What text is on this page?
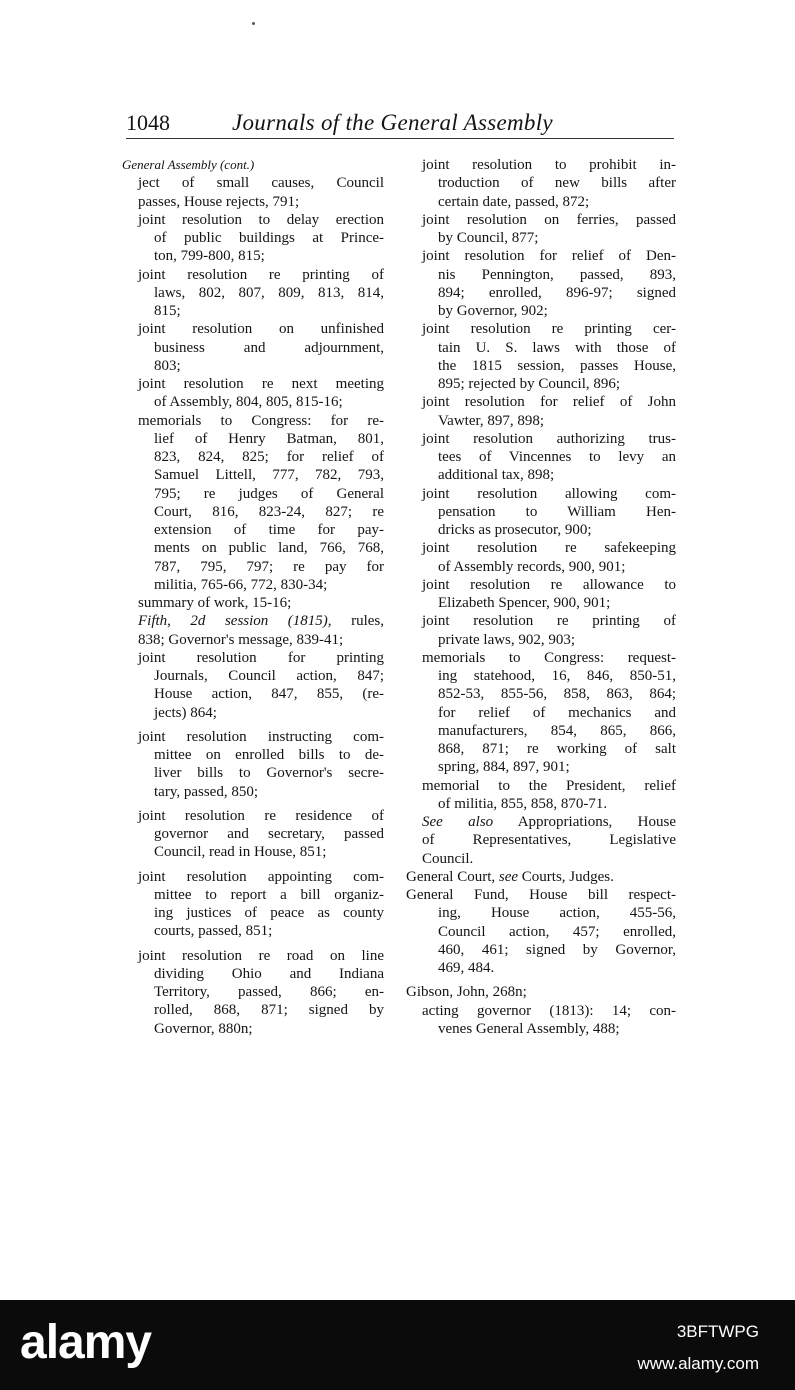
1048	Journals of the General Assembly
General Assembly (cont.)
ject of small causes, Council
passes, House rejects, 791;
joint resolution to delay erection
of public buildings at Prince-
ton, 799-800, 815;
joint resolution re printing of
laws, 802, 807, 809, 813, 814,
815;
joint resolution on unfinished
business and adjournment,
803;
joint resolution re next meeting
of Assembly, 804, 805, 815-16;
memorials to Congress: for re-
lief of Henry Batman, 801,
823, 824, 825; for relief of
Samuel Littell, 777, 782, 793,
795; re judges of General
Court, 816, 823-24, 827; re
extension of time for pay-
ments on public land, 766, 768,
787, 795, 797; re pay for
militia, 765-66, 772, 830-34;
summary of work, 15-16;
Fifth, 2d session (1815), rules,
838; Governor's message, 839-41;
joint resolution for printing
Journals, Council action, 847;
House action, 847, 855, (re-
jects) 864;
joint resolution instructing com-
mittee on enrolled bills to de-
liver bills to Governor's secre-
tary, passed, 850;
joint resolution re residence of
governor and secretary, passed
Council, read in House, 851;
joint resolution appointing com-
mittee to report a bill organiz-
ing justices of peace as county
courts, passed, 851;
joint resolution re road on line
dividing Ohio and Indiana
Territory, passed, 866; en-
rolled, 868, 871; signed by
Governor, 880n;
joint resolution to prohibit in-
troduction of new bills after
certain date, passed, 872;
joint resolution on ferries, passed
by Council, 877;
joint resolution for relief of Den-
nis Pennington, passed, 893,
894; enrolled, 896-97; signed
by Governor, 902;
joint resolution re printing cer-
tain U. S. laws with those of
the 1815 session, passes House,
895; rejected by Council, 896;
joint resolution for relief of John
Vawter, 897, 898;
joint resolution authorizing trus-
tees of Vincennes to levy an
additional tax, 898;
joint resolution allowing com-
pensation to William Hen-
dricks as prosecutor, 900;
joint resolution re safekeeping
of Assembly records, 900, 901;
joint resolution re allowance to
Elizabeth Spencer, 900, 901;
joint resolution re printing of
private laws, 902, 903;
memorials to Congress: request-
ing statehood, 16, 846, 850-51,
852-53, 855-56, 858, 863, 864;
for relief of mechanics and
manufacturers, 854, 865, 866,
868, 871; re working of salt
spring, 884, 897, 901;
memorial to the President, relief
of militia, 855, 858, 870-71.
See also Appropriations, House
of Representatives, Legislative
Council.
General Court, see Courts, Judges.
General Fund, House bill respect-
ing, House action, 455-56,
Council action, 457; enrolled,
460, 461; signed by Governor,
469, 484.
Gibson, John, 268n;
acting governor (1813): 14; con-
venes General Assembly, 488;
alamy	3BFTWPG
www.alamy.com
